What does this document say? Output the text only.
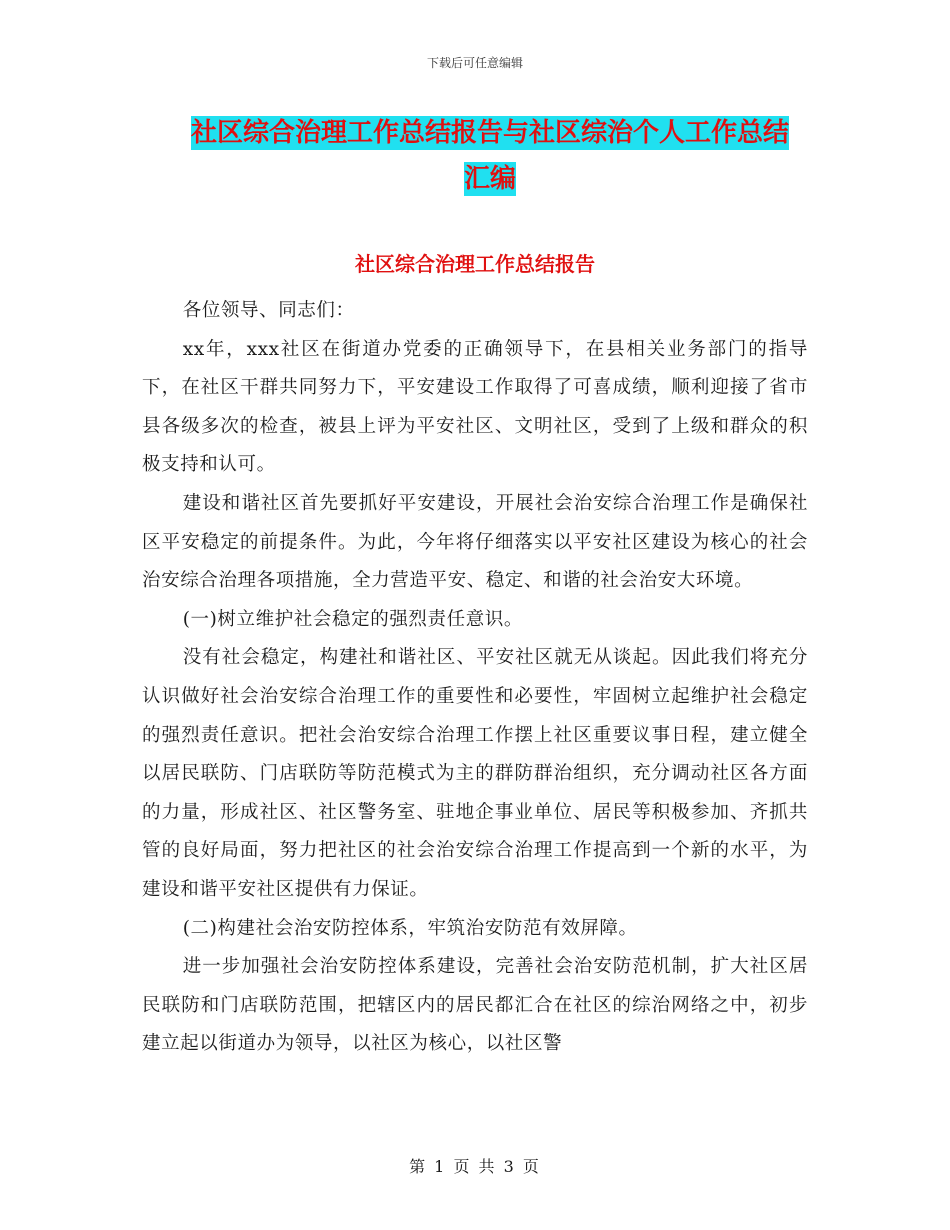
下载后可任意编辑
社区综合治理工作总结报告与社区综治个人工作总结
汇编
社区综合治理工作总结报告

各位领导、同志们：

xx年，xxx社区在街道办党委的正确领导下，在县相关业务部门的指导下，在社区干群共同努力下，平安建设工作取得了可喜成绩，顺利迎接了省市县各级多次的检查，被县上评为平安社区、文明社区，受到了上级和群众的积极支持和认可。

建设和谐社区首先要抓好平安建设，开展社会治安综合治理工作是确保社区平安稳定的前提条件。为此，今年将仔细落实以平安社区建设为核心的社会治安综合治理各项措施，全力营造平安、稳定、和谐的社会治安大环境。

(一)树立维护社会稳定的强烈责任意识。

没有社会稳定，构建社和谐社区、平安社区就无从谈起。因此我们将充分认识做好社会治安综合治理工作的重要性和必要性，牢固树立起维护社会稳定的强烈责任意识。把社会治安综合治理工作摆上社区重要议事日程，建立健全以居民联防、门店联防等防范模式为主的群防群治组织，充分调动社区各方面的力量，形成社区、社区警务室、驻地企事业单位、居民等积极参加、齐抓共管的良好局面，努力把社区的社会治安综合治理工作提高到一个新的水平，为建设和谐平安社区提供有力保证。

(二)构建社会治安防控体系，牢筑治安防范有效屏障。

进一步加强社会治安防控体系建设，完善社会治安防范机制，扩大社区居民联防和门店联防范围，把辖区内的居民都汇合在社区的综治网络之中，初步建立起以街道办为领导，以社区为核心，以社区警

第 1 页 共 3 页
